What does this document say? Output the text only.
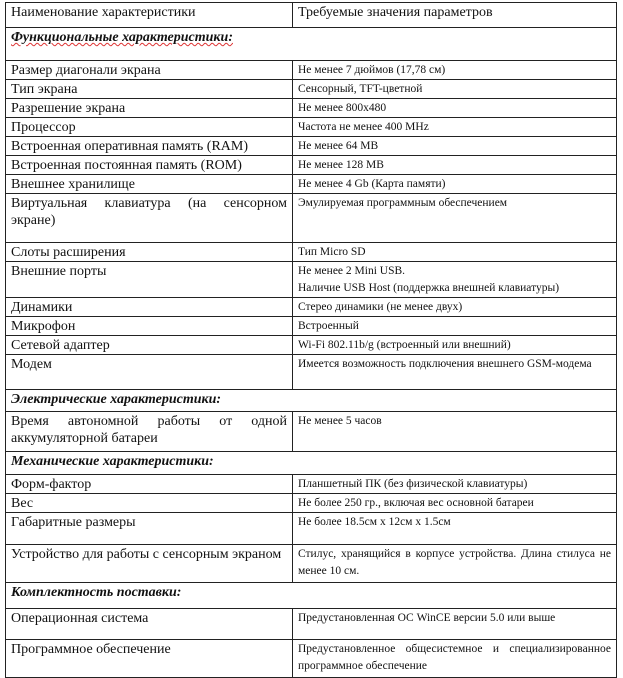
Наименование характеристики	Требуемые значения параметров
Функциональные характеристики:	
Размер диагонали экрана	Не менее 7 дюймов (17,78 см)

Тип экрана	Сенсорный, TFT-цветной

Разрешение экрана	Не менее 800x480

Процессор	Частота не менее 400 MHz

Встроенная оперативная память (RAM)	Не менее 64 MB

Встроенная постоянная память (ROM)	Не менее 128 MB

Внешнее хранилище	Не менее 4 Gb (Карта памяти)

Виртуальная клавиатура (на сенсорном экране)	Эмулируемая программным обеспечением

Слоты расширения	Тип Micro SD

Внешние порты	Не менее 2 Mini USB.
Наличие USB Host (поддержка внешней клавиатуры)

Динамики	Стерео динамики (не менее двух)

Микрофон	Встроенный

Сетевой адаптер	Wi-Fi 802.11b/g (встроенный или внешний)

Модем	Имеется возможность подключения внешнего GSM-модема

Электрические характеристики:	
Время автономной работы от одной аккумуляторной батареи	Не менее 5 часов

Механические характеристики:	
Форм-фактор	Планшетный ПК (без физической клавиатуры)

Вес	Не более 250 гр., включая вес основной батареи

Габаритные размеры	Не более 18.5см х 12см х 1.5см

Устройство для работы с сенсорным экраном	Стилус, хранящийся в корпусе устройства. Длина стилуса не менее 10 см.

Комплектность поставки:	
Операционная система	Предустановленная ОС WinCE версии 5.0 или выше

Программное обеспечение	Предустановленное общесистемное и специализированное программное обеспечение
